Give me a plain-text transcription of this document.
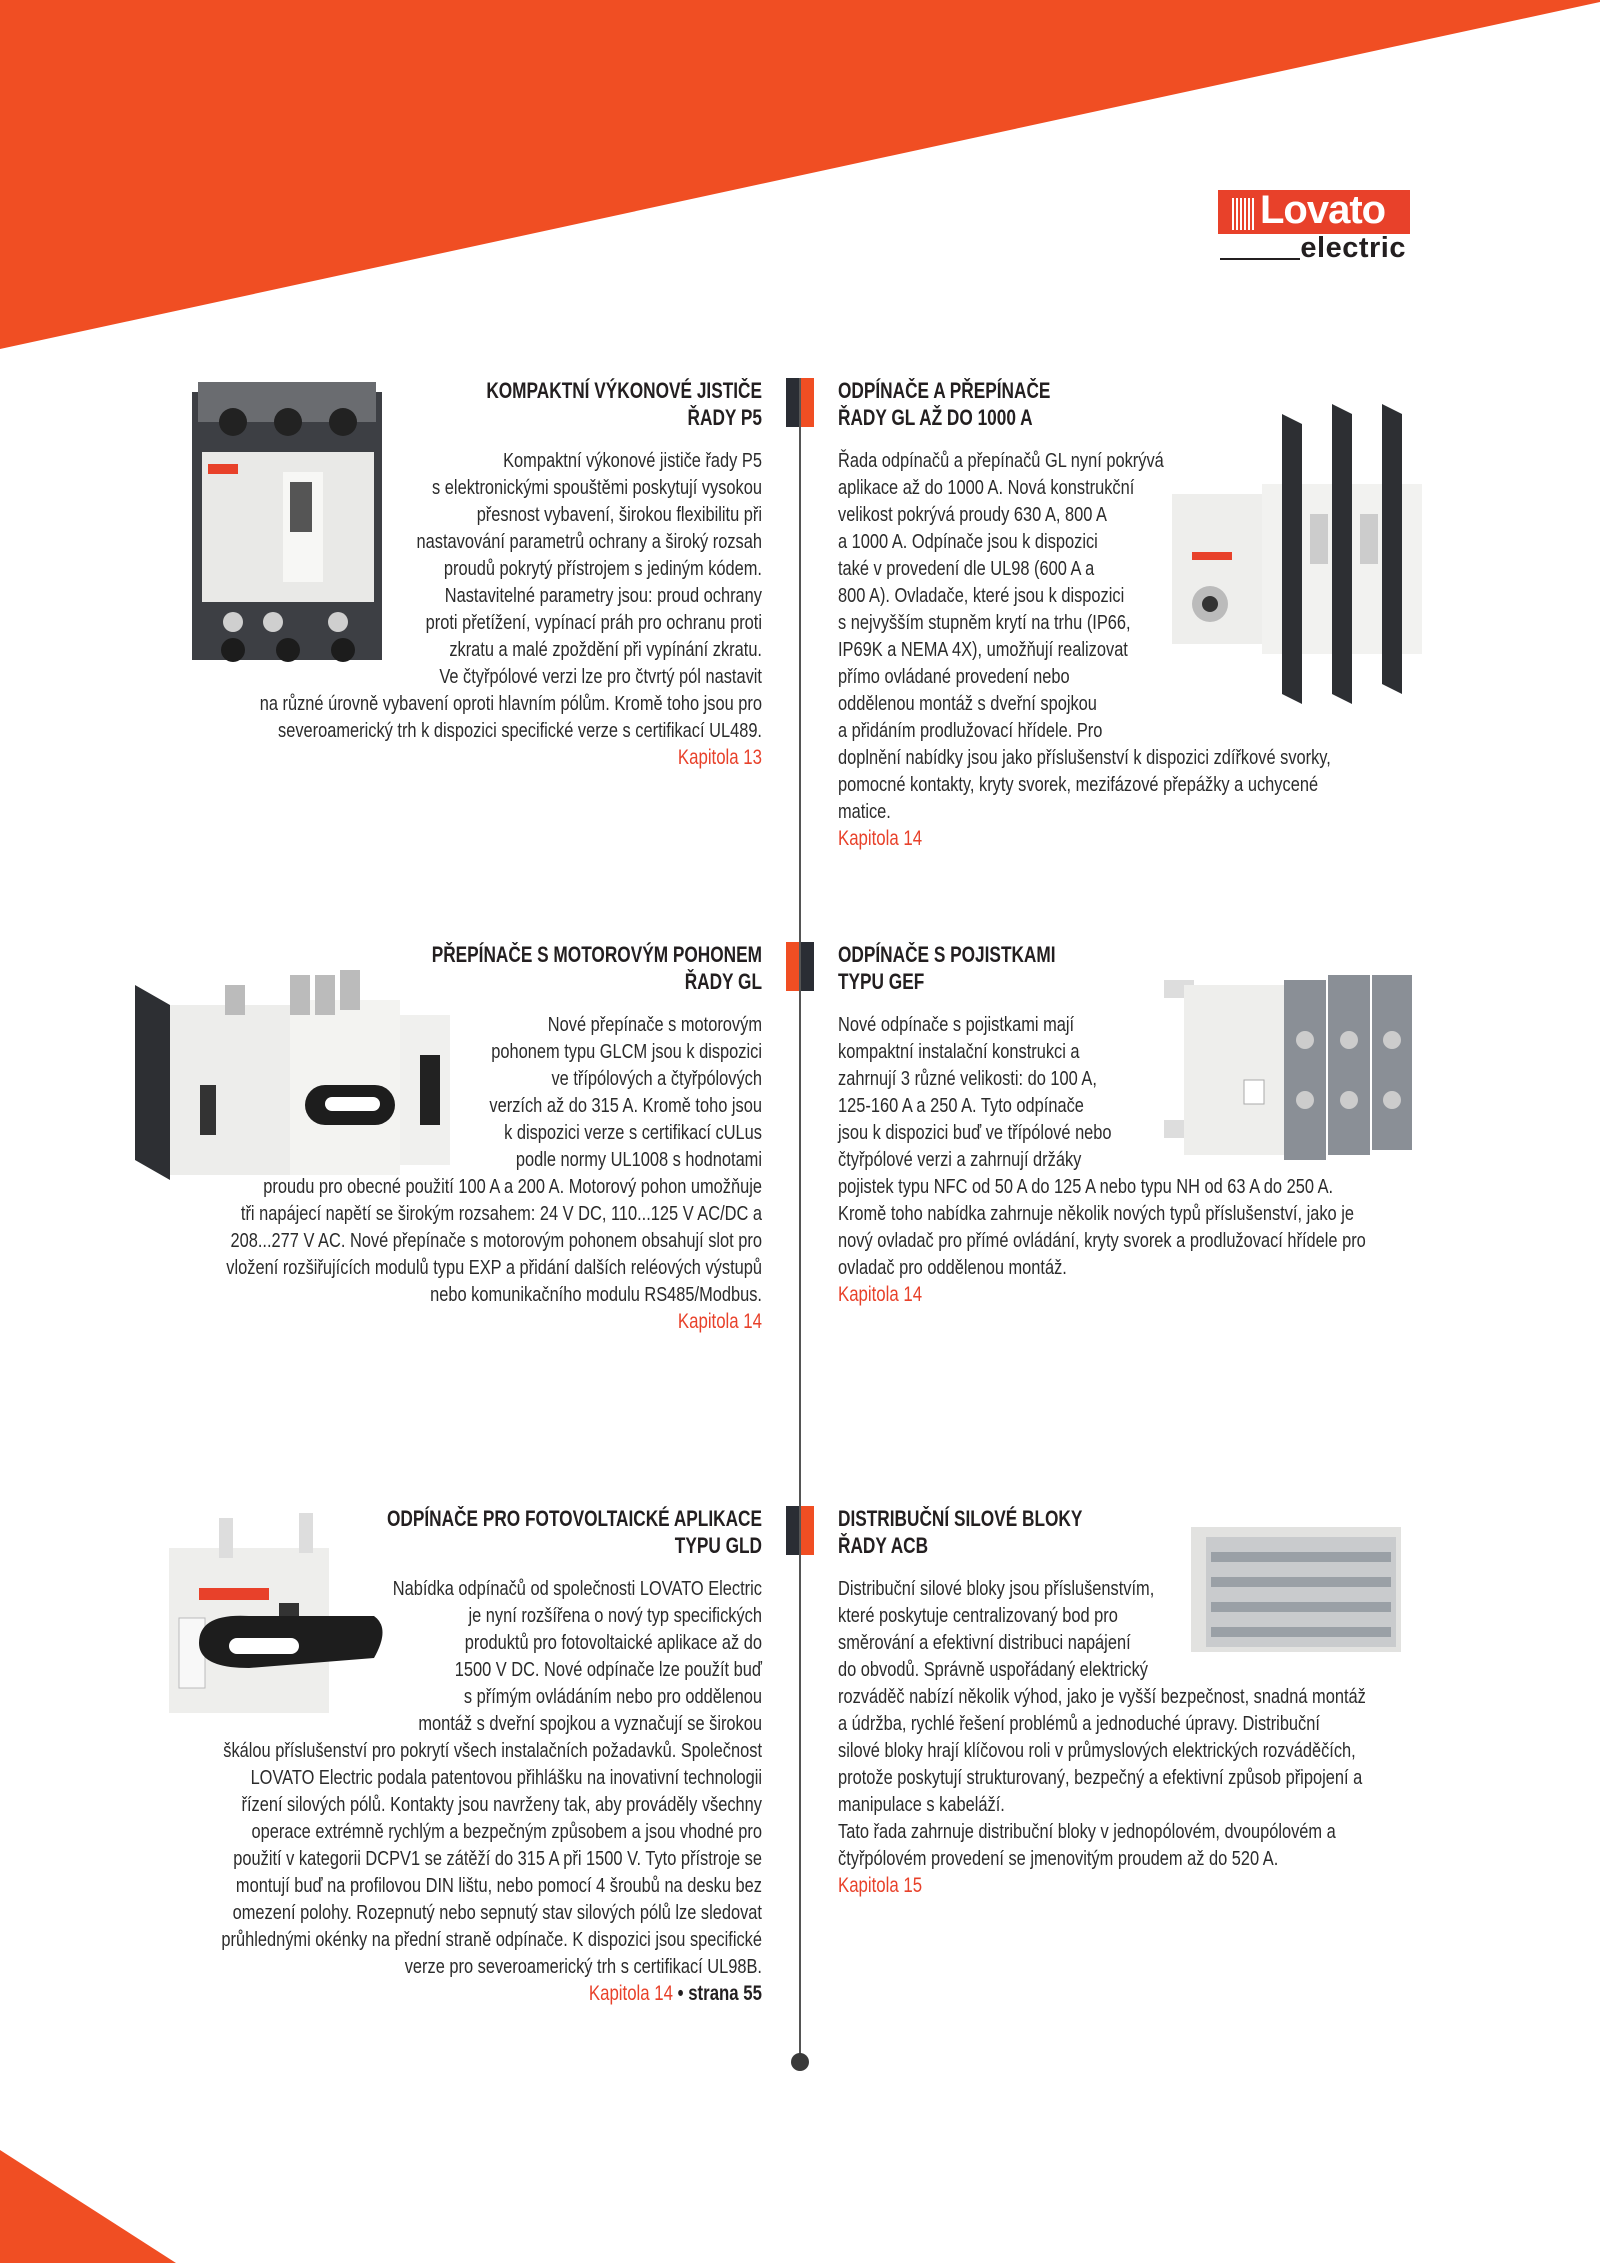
Lovato
electric
KOMPAKTNÍ VÝKONOVÉ JISTIČE
ŘADY P5
Kompaktní výkonové jističe řady P5
s elektronickými spouštěmi poskytují vysokou
přesnost vybavení, širokou flexibilitu při
nastavování parametrů ochrany a široký rozsah
proudů pokrytý přístrojem s jediným kódem.
Nastavitelné parametry jsou: proud ochrany
proti přetížení, vypínací práh pro ochranu proti
zkratu a malé zpoždění při vypínání zkratu.
Ve čtyřpólové verzi lze pro čtvrtý pól nastavit
na různé úrovně vybavení oproti hlavním pólům. Kromě toho jsou pro
severoamerický trh k dispozici specifické verze s certifikací UL489.
Kapitola 13
ODPÍNAČE A PŘEPÍNAČE
ŘADY GL AŽ DO 1000 A
Řada odpínačů a přepínačů GL nyní pokrývá
aplikace až do 1000 A. Nová konstrukční
velikost pokrývá proudy 630 A, 800 A
a 1000 A. Odpínače jsou k dispozici
také v provedení dle UL98 (600 A a
800 A). Ovladače, které jsou k dispozici
s nejvyšším stupněm krytí na trhu (IP66,
IP69K a NEMA 4X), umožňují realizovat
přímo ovládané provedení nebo
oddělenou montáž s dveřní spojkou
a přidáním prodlužovací hřídele. Pro
doplnění nabídky jsou jako příslušenství k dispozici zdířkové svorky,
pomocné kontakty, kryty svorek, mezifázové přepážky a uchycené
matice.
Kapitola 14
PŘEPÍNAČE S MOTOROVÝM POHONEM
ŘADY GL
Nové přepínače s motorovým
pohonem typu GLCM jsou k dispozici
ve třípólových a čtyřpólových
verzích až do 315 A. Kromě toho jsou
k dispozici verze s certifikací cULus
podle normy UL1008 s hodnotami
proudu pro obecné použití 100 A a 200 A. Motorový pohon umožňuje
tři napájecí napětí se širokým rozsahem: 24 V DC, 110...125 V AC/DC a
208...277 V AC. Nové přepínače s motorovým pohonem obsahují slot pro
vložení rozšiřujících modulů typu EXP a přidání dalších reléových výstupů
nebo komunikačního modulu RS485/Modbus.
Kapitola 14
ODPÍNAČE S POJISTKAMI
TYPU GEF
Nové odpínače s pojistkami mají
kompaktní instalační konstrukci a
zahrnují 3 různé velikosti: do 100 A,
125-160 A a 250 A. Tyto odpínače
jsou k dispozici buď ve třípólové nebo
čtyřpólové verzi a zahrnují držáky
pojistek typu NFC od 50 A do 125 A nebo typu NH od 63 A do 250 A.
Kromě toho nabídka zahrnuje několik nových typů příslušenství, jako je
nový ovladač pro přímé ovládání, kryty svorek a prodlužovací hřídele pro
ovladač pro oddělenou montáž.
Kapitola 14
ODPÍNAČE PRO FOTOVOLTAICKÉ APLIKACE
TYPU GLD
Nabídka odpínačů od společnosti LOVATO Electric
je nyní rozšířena o nový typ specifických
produktů pro fotovoltaické aplikace až do
1500 V DC. Nové odpínače lze použít buď
s přímým ovládáním nebo pro oddělenou
montáž s dveřní spojkou a vyznačují se širokou
škálou příslušenství pro pokrytí všech instalačních požadavků. Společnost
LOVATO Electric podala patentovou přihlášku na inovativní technologii
řízení silových pólů. Kontakty jsou navrženy tak, aby prováděly všechny
operace extrémně rychlým a bezpečným způsobem a jsou vhodné pro
použití v kategorii DCPV1 se zátěží do 315 A při 1500 V. Tyto přístroje se
montují buď na profilovou DIN lištu, nebo pomocí 4 šroubů na desku bez
omezení polohy. Rozepnutý nebo sepnutý stav silových pólů lze sledovat
průhlednými okénky na přední straně odpínače. K dispozici jsou specifické
verze pro severoamerický trh s certifikací UL98B.
Kapitola 14 • strana 55
DISTRIBUČNÍ SILOVÉ BLOKY
ŘADY ACB
Distribuční silové bloky jsou příslušenstvím,
které poskytuje centralizovaný bod pro
směrování a efektivní distribuci napájení
do obvodů. Správně uspořádaný elektrický
rozváděč nabízí několik výhod, jako je vyšší bezpečnost, snadná montáž
a údržba, rychlé řešení problémů a jednoduché úpravy. Distribuční
silové bloky hrají klíčovou roli v průmyslových elektrických rozváděčích,
protože poskytují strukturovaný, bezpečný a efektivní způsob připojení a
manipulace s kabeláží.
Tato řada zahrnuje distribuční bloky v jednopólovém, dvoupólovém a
čtyřpólovém provedení se jmenovitým proudem až do 520 A.
Kapitola 15
